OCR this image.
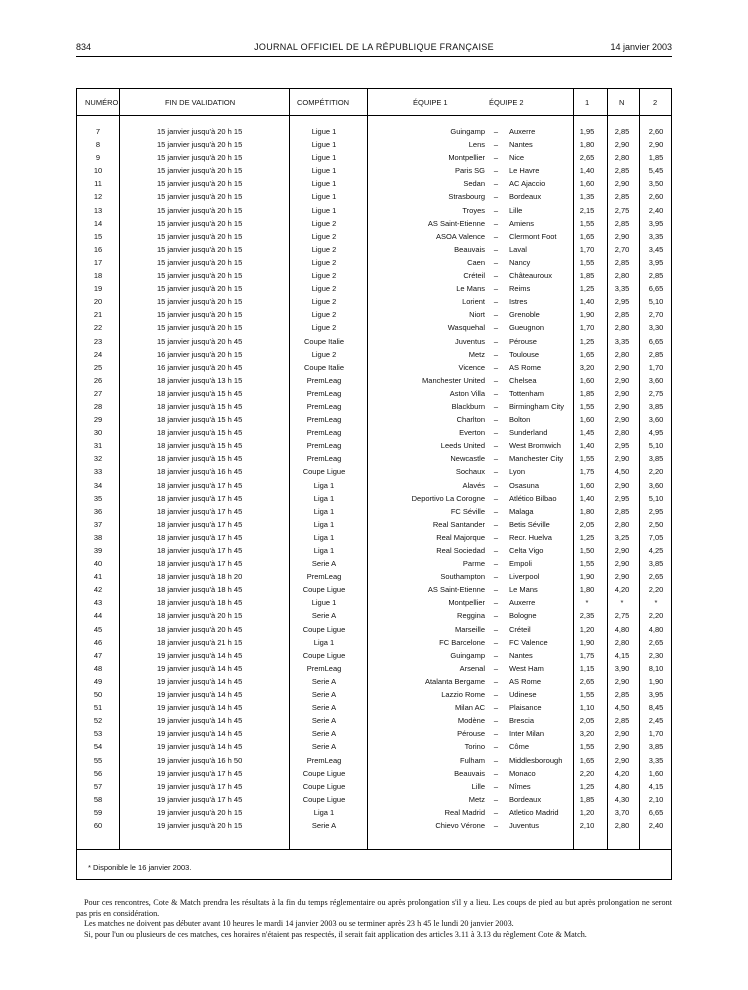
834	JOURNAL OFFICIEL DE LA RÉPUBLIQUE FRANÇAISE	14 janvier 2003
NUMÉRO	FIN DE VALIDATION	COMPÉTITION	ÉQUIPE 1	ÉQUIPE 2	1	N	2
7	15 janvier jusqu'à 20 h 15	Ligue 1	Guingamp	–	Auxerre	1,95	2,85	2,60
8	15 janvier jusqu'à 20 h 15	Ligue 1	Lens	–	Nantes	1,80	2,90	2,90
9	15 janvier jusqu'à 20 h 15	Ligue 1	Montpellier	–	Nice	2,65	2,80	1,85
10	15 janvier jusqu'à 20 h 15	Ligue 1	Paris SG	–	Le Havre	1,40	2,85	5,45
11	15 janvier jusqu'à 20 h 15	Ligue 1	Sedan	–	AC Ajaccio	1,60	2,90	3,50
12	15 janvier jusqu'à 20 h 15	Ligue 1	Strasbourg	–	Bordeaux	1,35	2,85	2,60
13	15 janvier jusqu'à 20 h 15	Ligue 1	Troyes	–	Lille	2,15	2,75	2,40
14	15 janvier jusqu'à 20 h 15	Ligue 2	AS Saint-Etienne	–	Amiens	1,55	2,85	3,95
15	15 janvier jusqu'à 20 h 15	Ligue 2	ASOA Valence	–	Clermont Foot	1,65	2,90	3,35
16	15 janvier jusqu'à 20 h 15	Ligue 2	Beauvais	–	Laval	1,70	2,70	3,45
17	15 janvier jusqu'à 20 h 15	Ligue 2	Caen	–	Nancy	1,55	2,85	3,95
18	15 janvier jusqu'à 20 h 15	Ligue 2	Créteil	–	Châteauroux	1,85	2,80	2,85
19	15 janvier jusqu'à 20 h 15	Ligue 2	Le Mans	–	Reims	1,25	3,35	6,65
20	15 janvier jusqu'à 20 h 15	Ligue 2	Lorient	–	Istres	1,40	2,95	5,10
21	15 janvier jusqu'à 20 h 15	Ligue 2	Niort	–	Grenoble	1,90	2,85	2,70
22	15 janvier jusqu'à 20 h 15	Ligue 2	Wasquehal	–	Gueugnon	1,70	2,80	3,30
23	15 janvier jusqu'à 20 h 45	Coupe Italie	Juventus	–	Pérouse	1,25	3,35	6,65
24	16 janvier jusqu'à 20 h 15	Ligue 2	Metz	–	Toulouse	1,65	2,80	2,85
25	16 janvier jusqu'à 20 h 45	Coupe Italie	Vicence	–	AS Rome	3,20	2,90	1,70
26	18 janvier jusqu'à 13 h 15	PremLeag	Manchester United	–	Chelsea	1,60	2,90	3,60
27	18 janvier jusqu'à 15 h 45	PremLeag	Aston Villa	–	Tottenham	1,85	2,90	2,75
28	18 janvier jusqu'à 15 h 45	PremLeag	Blackburn	–	Birmingham City	1,55	2,90	3,85
29	18 janvier jusqu'à 15 h 45	PremLeag	Charlton	–	Bolton	1,60	2,90	3,60
30	18 janvier jusqu'à 15 h 45	PremLeag	Everton	–	Sunderland	1,45	2,80	4,95
31	18 janvier jusqu'à 15 h 45	PremLeag	Leeds United	–	West Bromwich	1,40	2,95	5,10
32	18 janvier jusqu'à 15 h 45	PremLeag	Newcastle	–	Manchester City	1,55	2,90	3,85
33	18 janvier jusqu'à 16 h 45	Coupe Ligue	Sochaux	–	Lyon	1,75	4,50	2,20
34	18 janvier jusqu'à 17 h 45	Liga 1	Alavés	–	Osasuna	1,60	2,90	3,60
35	18 janvier jusqu'à 17 h 45	Liga 1	Deportivo La Corogne	–	Atlético Bilbao	1,40	2,95	5,10
36	18 janvier jusqu'à 17 h 45	Liga 1	FC Séville	–	Malaga	1,80	2,85	2,95
37	18 janvier jusqu'à 17 h 45	Liga 1	Real Santander	–	Betis Séville	2,05	2,80	2,50
38	18 janvier jusqu'à 17 h 45	Liga 1	Real Majorque	–	Recr. Huelva	1,25	3,25	7,05
39	18 janvier jusqu'à 17 h 45	Liga 1	Real Sociedad	–	Celta Vigo	1,50	2,90	4,25
40	18 janvier jusqu'à 17 h 45	Serie A	Parme	–	Empoli	1,55	2,90	3,85
41	18 janvier jusqu'à 18 h 20	PremLeag	Southampton	–	Liverpool	1,90	2,90	2,65
42	18 janvier jusqu'à 18 h 45	Coupe Ligue	AS Saint-Etienne	–	Le Mans	1,80	4,20	2,20
43	18 janvier jusqu'à 18 h 45	Ligue 1	Montpellier	–	Auxerre	*	*	*
44	18 janvier jusqu'à 20 h 15	Serie A	Reggina	–	Bologne	2,35	2,75	2,20
45	18 janvier jusqu'à 20 h 45	Coupe Ligue	Marseille	–	Créteil	1,20	4,80	4,80
46	18 janvier jusqu'à 21 h 15	Liga 1	FC Barcelone	–	FC Valence	1,90	2,80	2,65
47	19 janvier jusqu'à 14 h 45	Coupe Ligue	Guingamp	–	Nantes	1,75	4,15	2,30
48	19 janvier jusqu'à 14 h 45	PremLeag	Arsenal	–	West Ham	1,15	3,90	8,10
49	19 janvier jusqu'à 14 h 45	Serie A	Atalanta Bergame	–	AS Rome	2,65	2,90	1,90
50	19 janvier jusqu'à 14 h 45	Serie A	Lazzio Rome	–	Udinese	1,55	2,85	3,95
51	19 janvier jusqu'à 14 h 45	Serie A	Milan AC	–	Plaisance	1,10	4,50	8,45
52	19 janvier jusqu'à 14 h 45	Serie A	Modène	–	Brescia	2,05	2,85	2,45
53	19 janvier jusqu'à 14 h 45	Serie A	Pérouse	–	Inter Milan	3,20	2,90	1,70
54	19 janvier jusqu'à 14 h 45	Serie A	Torino	–	Côme	1,55	2,90	3,85
55	19 janvier jusqu'à 16 h 50	PremLeag	Fulham	–	Middlesborough	1,65	2,90	3,35
56	19 janvier jusqu'à 17 h 45	Coupe Ligue	Beauvais	–	Monaco	2,20	4,20	1,60
57	19 janvier jusqu'à 17 h 45	Coupe Ligue	Lille	–	Nîmes	1,25	4,80	4,15
58	19 janvier jusqu'à 17 h 45	Coupe Ligue	Metz	–	Bordeaux	1,85	4,30	2,10
59	19 janvier jusqu'à 20 h 15	Liga 1	Real Madrid	–	Atletico Madrid	1,20	3,70	6,65
60	19 janvier jusqu'à 20 h 15	Serie A	Chievo Vérone	–	Juventus	2,10	2,80	2,40
* Disponible le 16 janvier 2003.

Pour ces rencontres, Cote & Match prendra les résultats à la fin du temps réglementaire ou après prolongation s'il y a lieu. Les coups de pied au but après prolongation ne seront pas pris en considération.

Les matches ne doivent pas débuter avant 10 heures le mardi 14 janvier 2003 ou se terminer après 23 h 45 le lundi 20 janvier 2003.

Si, pour l'un ou plusieurs de ces matches, ces horaires n'étaient pas respectés, il serait fait application des articles 3.11 à 3.13 du règlement Cote & Match.
